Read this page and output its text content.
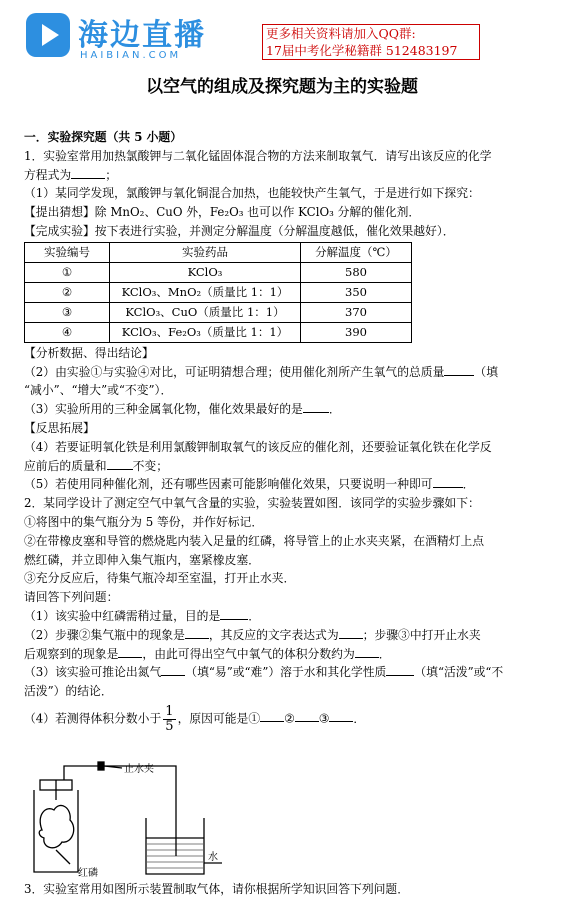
海边直播
HAIBIAN.COM
更多相关资料请加入QQ群:
17届中考化学秘籍群 512483197
以空气的组成及探究题为主的实验题

一．实验探究题（共 5 小题）

1．实验室常用加热氯酸钾与二氧化锰固体混合物的方法来制取氧气．请写出该反应的化学

方程式为	；

（1）某同学发现，氯酸钾与氧化铜混合加热，也能较快产生氧气，于是进行如下探究：

【提出猜想】除 MnO₂、CuO 外，Fe₂O₃ 也可以作 KClO₃ 分解的催化剂．

【完成实验】按下表进行实验，并测定分解温度（分解温度越低，催化效果越好）．

实验编号	实验药品	分解温度（℃）
①	KClO₃	580
②	KClO₃、MnO₂（质量比 1：1）	350
③	KClO₃、CuO（质量比 1：1）	370
④	KClO₃、Fe₂O₃（质量比 1：1）	390

【分析数据、得出结论】

（2）由实验①与实验④对比，可证明猜想合理；使用催化剂所产生氧气的总质量	（填

“减小”、“增大”或“不变”）．

（3）实验所用的三种金属氧化物，催化效果最好的是 ．

【反思拓展】

（4）若要证明氧化铁是利用氯酸钾制取氧气的该反应的催化剂，还要验证氧化铁在化学反

应前后的质量和 不变；

（5）若使用同种催化剂，还有哪些因素可能影响催化效果，只要说明一种即可	．

2．某同学设计了测定空气中氧气含量的实验，实验装置如图．该同学的实验步骤如下：

①将图中的集气瓶分为 5 等份，并作好标记．

②在带橡皮塞和导管的燃烧匙内装入足量的红磷，将导管上的止水夹夹紧，在酒精灯上点

燃红磷，并立即伸入集气瓶内，塞紧橡皮塞．

③充分反应后，待集气瓶冷却至室温，打开止水夹．

请回答下列问题：

（1）该实验中红磷需稍过量，目的是 ．

（2）步骤②集气瓶中的现象是 ，其反应的文字表达式为 ；步骤③中打开止水夹

后观察到的现象是 ，由此可得出空气中氧气的体积分数约为 ．

（3）该实验可推论出氮气 （填“易”或“难”）溶于水和其化学性质 （填“活泼”或“不

活泼”）的结论．

（4）若测得体积分数小于 $\frac{1}{5}$ ，原因可能是① ② ③ ．

止水夹
红磷
水
3．实验室常用如图所示装置制取气体，请你根据所学知识回答下列问题．
